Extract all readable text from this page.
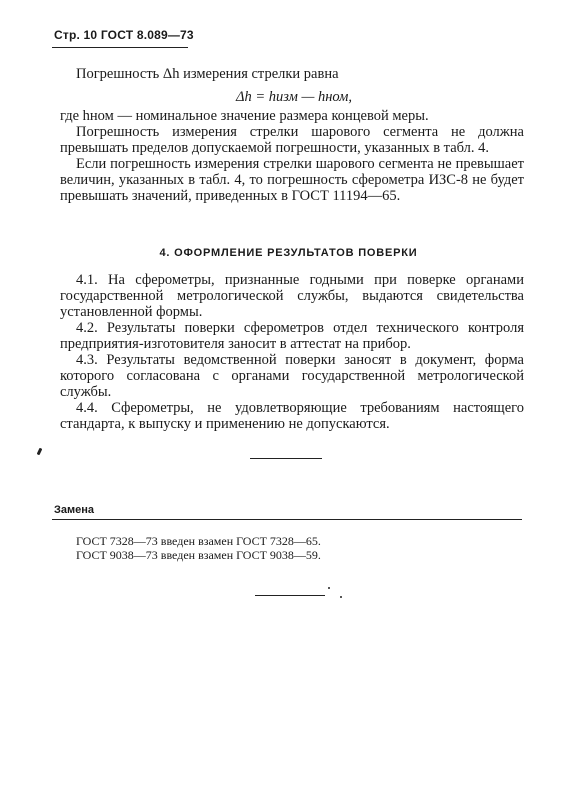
Стр. 10 ГОСТ 8.089—73

Погрешность Δh измерения стрелки равна

Δh = hизм — hном,

где hном — номинальное значение размера концевой меры.

Погрешность измерения стрелки шарового сегмента не должна превышать пределов допускаемой погрешности, указанных в табл. 4.

Если погрешность измерения стрелки шарового сегмента не превышает величин, указанных в табл. 4, то погрешность сферометра ИЗС-8 не будет превышать значений, приведенных в ГОСТ 11194—65.

4. ОФОРМЛЕНИЕ РЕЗУЛЬТАТОВ ПОВЕРКИ

4.1. На сферометры, признанные годными при поверке органами государственной метрологической службы, выдаются свидетельства установленной формы.

4.2. Результаты поверки сферометров отдел технического контроля предприятия-изготовителя заносит в аттестат на прибор.

4.3. Результаты ведомственной поверки заносят в документ, форма которого согласована с органами государственной метрологической службы.

4.4. Сферометры, не удовлетворяющие требованиям настоящего стандарта, к выпуску и применению не допускаются.

Замена
ГОСТ 7328—73 введен взамен ГОСТ 7328—65.
ГОСТ 9038—73 введен взамен ГОСТ 9038—59.
